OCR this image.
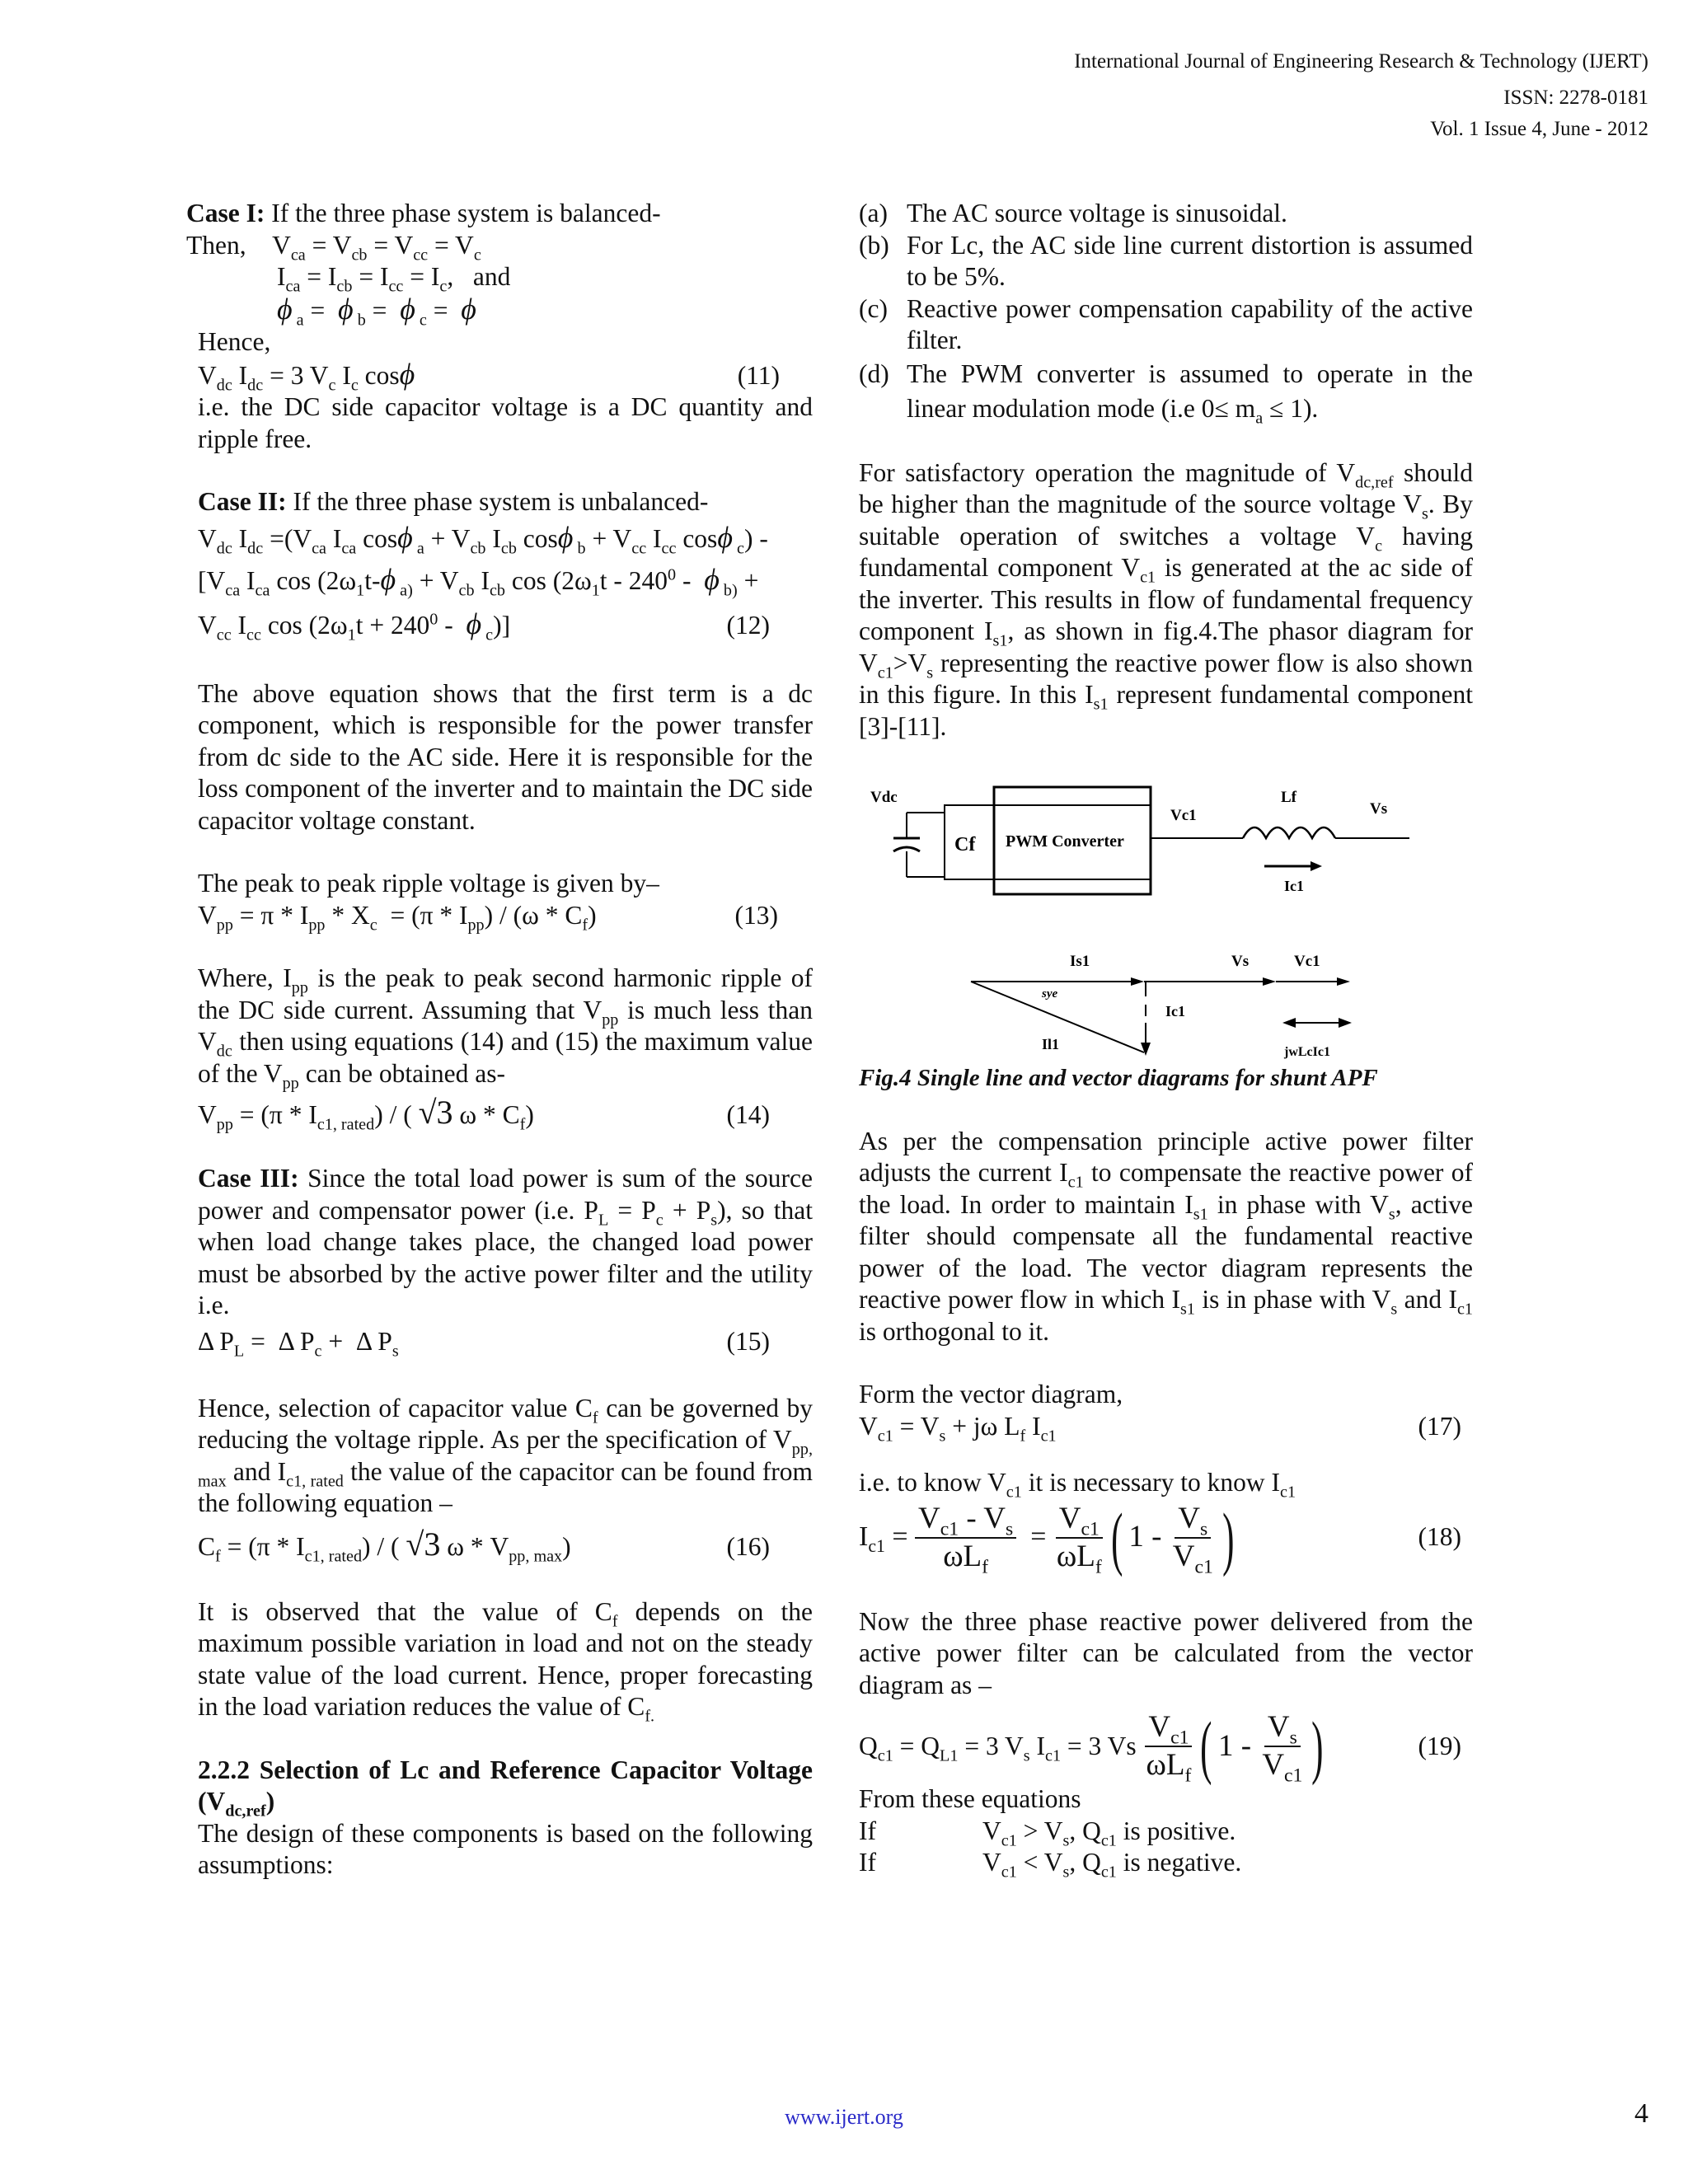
International Journal of Engineering Research & Technology (IJERT)
ISSN: 2278-0181
Vol. 1 Issue 4, June - 2012

Case I: If the three phase system is balanced-

Then,    $V_{ca} = V_{cb} = V_{cc} = V_c$

$I_{ca} = I_{cb} = I_{cc} = I_c$,   and

ϕ $_a$ =  ϕ $_b$ =  ϕ $_c$ =  ϕ

Hence,

$V_{dc}$ $I_{dc} = 3$ $V_c$ $I_c$ cosϕ	(11)

i.e. the DC side capacitor voltage is a DC quantity and ripple free.

Case II: If the three phase system is unbalanced-

$V_{dc}$ $I_{dc} =(V_{ca}$ $I_{ca}$ cosϕ $_a + V_{cb}$ $I_{cb}$ cosϕ $_b + V_{cc}$ $I_{cc}$ cosϕ $_c$) -

[$V_{ca}$ $I_{ca}$ $\cos (2\omega_1t-\phi$ $_{a)} + V_{cb}$ $I_{cb}$ $\cos (2\omega_1t - 240^0$ -  ϕ $_{b)}$ +

$V_{cc}$ $I_{cc}$ $\cos (2\omega_1t + 240^0 - \phi$ $_c$)]	(12)

The above equation shows that the first term is a dc component, which is responsible for the power transfer from dc side to the AC side. Here it is responsible for the loss component of the inverter and to maintain the DC side capacitor voltage constant.

The peak to peak ripple voltage is given by–

$V_{pp} = \pi * I_{pp} * X_c = (\pi * I_{pp}) / (\omega * C_f)$	(13)

Where, $I_{pp}$ is the peak to peak second harmonic ripple of the DC side current. Assuming that $V_{pp}$ is much less than $V_{dc}$ then using equations (14) and (15) the maximum value of the $V_{pp}$ can be obtained as-

$V_{pp} = (\pi * I_{c1, rated})$ / ( √3 ω * $C_f$)	(14)

Case III: Since the total load power is sum of the source power and compensator power (i.e. $P_L = P_c + P_s$), so that when load change takes place, the changed load power must be absorbed by the active power filter and the utility i.e.

Δ $P_L = \Delta$ $P_c + \Delta$ $P_s$	(15)

Hence, selection of capacitor value $C_f$ can be governed by reducing the voltage ripple. As per the specification of $V_{pp, max}$ and $I_{c1, rated}$ the value of the capacitor can be found from the following equation –

$C_f = (\pi * I_{c1, rated})$ / ( √3 ω * $V_{pp, max}$)	(16)

It is observed that the value of $C_f$ depends on the maximum possible variation in load and not on the steady state value of the load current. Hence, proper forecasting in the load variation reduces the value of $C_{f.}$

2.2.2 Selection of Lc and Reference Capacitor Voltage $(V_{dc,ref})$

The design of these components is based on the following assumptions:

(a) The AC source voltage is sinusoidal.
(b) For Lc, the AC side line current distortion is assumed to be 5%.
(c) Reactive power compensation capability of the active filter.
(d) The PWM converter is assumed to operate in the linear modulation mode (i.e $0\le m_a \le 1$).

For satisfactory operation the magnitude of $V_{dc,ref}$ should be higher than the magnitude of the source voltage $V_s$. By suitable operation of switches a voltage $V_c$ having fundamental component $V_{c1}$ is generated at the ac side of the inverter. This results in flow of fundamental frequency component $I_{s1}$, as shown in fig.4.The phasor diagram for $V_{c1}>V_s$ representing the reactive power flow is also shown in this figure. In this $I_{s1}$ represent fundamental component [3]-[11].

Vdc
Cf PWM Converter
Vc1
Lf
Vs
Ic1
Is1	Vs	Vc1
sye
Ic1
Il1	jwLcIc1

Fig.4 Single line and vector diagrams for shunt APF

As per the compensation principle active power filter adjusts the current $I_{c1}$ to compensate the reactive power of the load. In order to maintain $I_{s1}$ in phase with $V_s$, active filter should compensate all the fundamental reactive power of the load. The vector diagram represents the reactive power flow in which $I_{s1}$ is in phase with $V_s$ and $I_{c1}$ is orthogonal to it.

Form the vector diagram,

$V_{c1} = V_s + j\omega$ $L_f$ $I_{c1}$	(17)

i.e. to know $V_{c1}$ it is necessary to know $I_{c1}$

$I_{c1} = \frac{V_{c1} - V_s}{\omega L_f} = \frac{V_{c1}}{\omega L_f}$ ( $1 - \frac{V_s}{V_{c1}}$ )	(18)

Now the three phase reactive power delivered from the active power filter can be calculated from the vector diagram as –

$Q_{c1} = Q_{L1} = 3$ $V_s$ $I_{c1} = 3$ Vs $\frac{V_{c1}}{\omega L_f}$ ( $1 - \frac{V_s}{V_{c1}}$ )	(19)

From these equations

If	$V_{c1} > V_s$, $Q_{c1}$ is positive.

If	$V_{c1} < V_s$, $Q_{c1}$ is negative.

www.ijert.org	4
